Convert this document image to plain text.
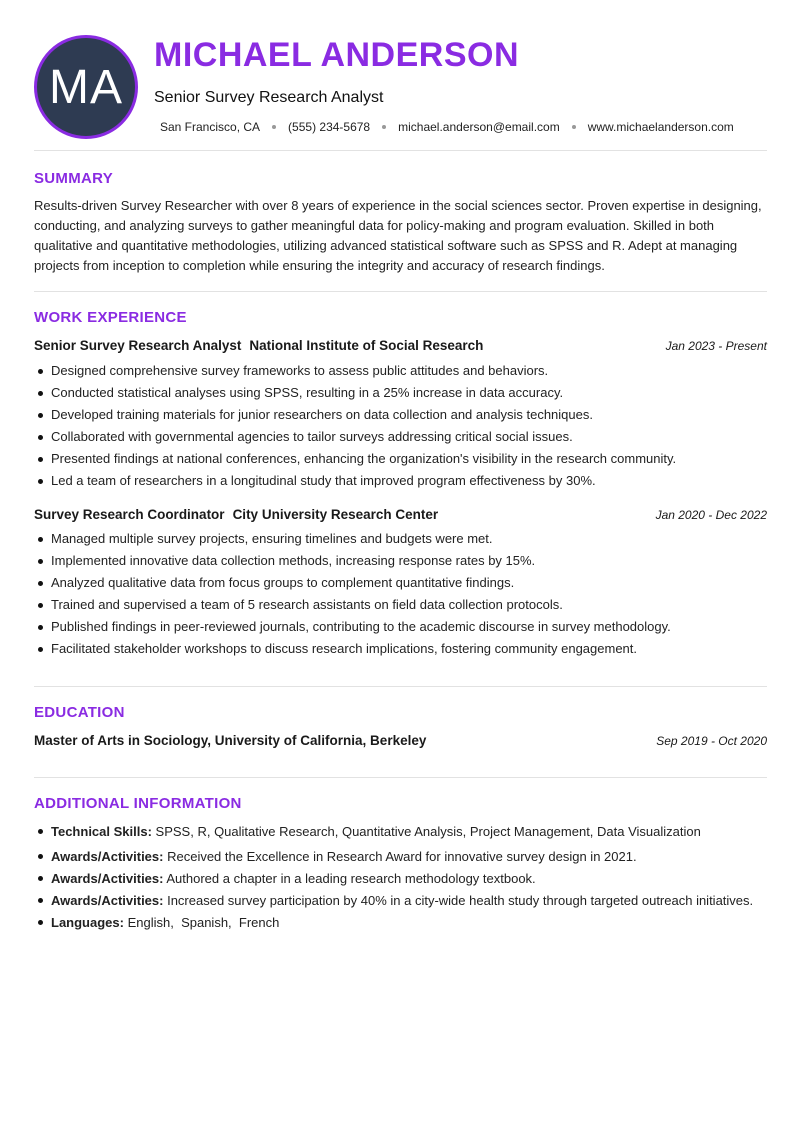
MA
MICHAEL ANDERSON
Senior Survey Research Analyst
San Francisco, CA (555) 234-5678 michael.anderson@email.com www.michaelanderson.com
SUMMARY

Results-driven Survey Researcher with over 8 years of experience in the social sciences sector. Proven expertise in designing, conducting, and analyzing surveys to gather meaningful data for policy-making and program evaluation. Skilled in both qualitative and quantitative methodologies, utilizing advanced statistical software such as SPSS and R. Adept at managing projects from inception to completion while ensuring the integrity and accuracy of research findings.

WORK EXPERIENCE
Senior Survey Research Analyst National Institute of Social Research	Jan 2023 - Present
Designed comprehensive survey frameworks to assess public attitudes and behaviors.
Conducted statistical analyses using SPSS, resulting in a 25% increase in data accuracy.
Developed training materials for junior researchers on data collection and analysis techniques.
Collaborated with governmental agencies to tailor surveys addressing critical social issues.
Presented findings at national conferences, enhancing the organization's visibility in the research community.
Led a team of researchers in a longitudinal study that improved program effectiveness by 30%.
Survey Research Coordinator City University Research Center	Jan 2020 - Dec 2022
Managed multiple survey projects, ensuring timelines and budgets were met.
Implemented innovative data collection methods, increasing response rates by 15%.
Analyzed qualitative data from focus groups to complement quantitative findings.
Trained and supervised a team of 5 research assistants on field data collection protocols.
Published findings in peer-reviewed journals, contributing to the academic discourse in survey methodology.
Facilitated stakeholder workshops to discuss research implications, fostering community engagement.
EDUCATION
Master of Arts in Sociology, University of California, Berkeley	Sep 2019 - Oct 2020
ADDITIONAL INFORMATION
Technical Skills: SPSS, R, Qualitative Research, Quantitative Analysis, Project Management, Data Visualization
Awards/Activities: Received the Excellence in Research Award for innovative survey design in 2021.
Awards/Activities: Authored a chapter in a leading research methodology textbook.
Awards/Activities: Increased survey participation by 40% in a city-wide health study through targeted outreach initiatives.
Languages: English,  Spanish,  French
